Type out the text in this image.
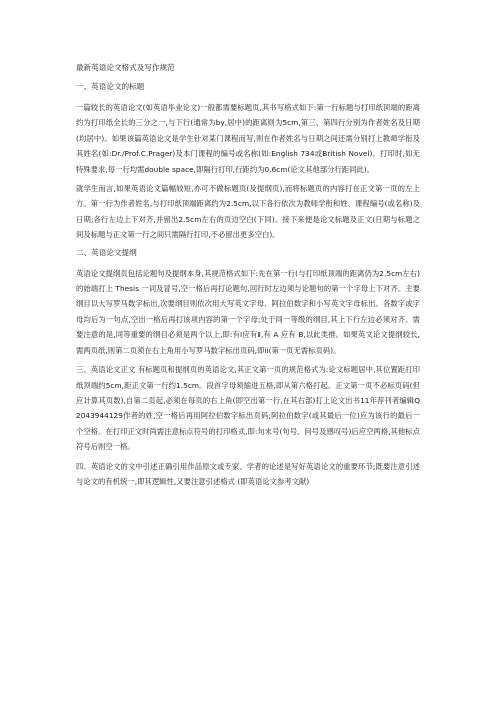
最新英语论文格式及写作规范
一、英语论文的标题

一篇较长的英语论文(如英语毕业论文)一般都需要标题页,其书写格式如下:第一行标题与打印纸顶端的距离约为打印纸全长的三分之一,与下行(通常为by,居中)的距离则为5cm,第三、第四行分别为作者姓名及日期(均居中)。如果该篇英语论文是学生针对某门课程而写,则在作者姓名与日期之间还需分别打上教师学衔及其姓名(如:Dr./Prof.C.Prager)及本门课程的编号或名称(如:English 734或British Novel)。打印时,如无特殊要求,每一行均需double space,即隔行打印,行距约为0.6cm(论文其他部分行距同此)。

就学生而言,如果英语论文篇幅较短,亦可不做标题页(及提纲页),而将标题页的内容打在正文第一页的左上方。第一行为作者姓名,与打印纸顶端距离约为2.5cm,以下各行依次为教师学衔和姓、课程编号(或名称)及日期;各行左边上下对齐,并留出2.5cm左右的页边空白(下同)。接下来便是论文标题及正文(日期与标题之间及标题与正文第一行之间只需隔行打印,不必留出更多空白)。

二、英语论文提纲

英语论文提纲页包括论题句及提纲本身,其规范格式如下:先在第一行(与打印纸顶端的距离仍为2.5cm左右)的始端打上 Thesis 一词及冒号,空一格后再打论题句,回行时左边须与论题句的第一个字母上下对齐。主要纲目以大写罗马数字标出,次要纲目则依次用大写英文字母、阿拉伯数字和小写英文字母标出。各数字或字母均后为一句点,空出一格后再打该项内容的第一个字母;处于同一等级的纲目,其上下行左边必须对齐。需要注意的是,同等重要的纲目必须是两个以上,即:有Ⅰ应有Ⅱ,有 A 应有 B,以此类推。如果英文论文提纲较长,需两页纸,则第二页须在右上角用小写罗马数字标出页码,即ii(第一页无需标页码)。

三、英语论文正文 有标题页和提纲页的英语论文,其正文第一页的规范格式为:论文标题居中,其位置距打印纸顶端约5cm,距正文第一行约1.5cm。段首字母须缩进五格,即从第六格打起。正文第一页不必标页码(但应计算其页数),自第二页起,必须在每页的右上角(即空出第一行,在其右部)打上论文出书11年荐刊者编辑Q2043944129作者的姓,空一格后再用阿拉伯数字标出页码;阿拉伯数字(或其最后一位)应为该行的最后一个空格。在打印正文时尚需注意标点符号的打印格式,即:句末号(句号、问号及感叹号)后应空两格,其他标点符号后则空一格。

四、英语论文的文中引述正确引用作品原文或专家、学者的论述是写好英语论文的重要环节;既要注意引述与论文的有机统一,即其逻辑性,又要注意引述格式 (即英语论文参考文献)
